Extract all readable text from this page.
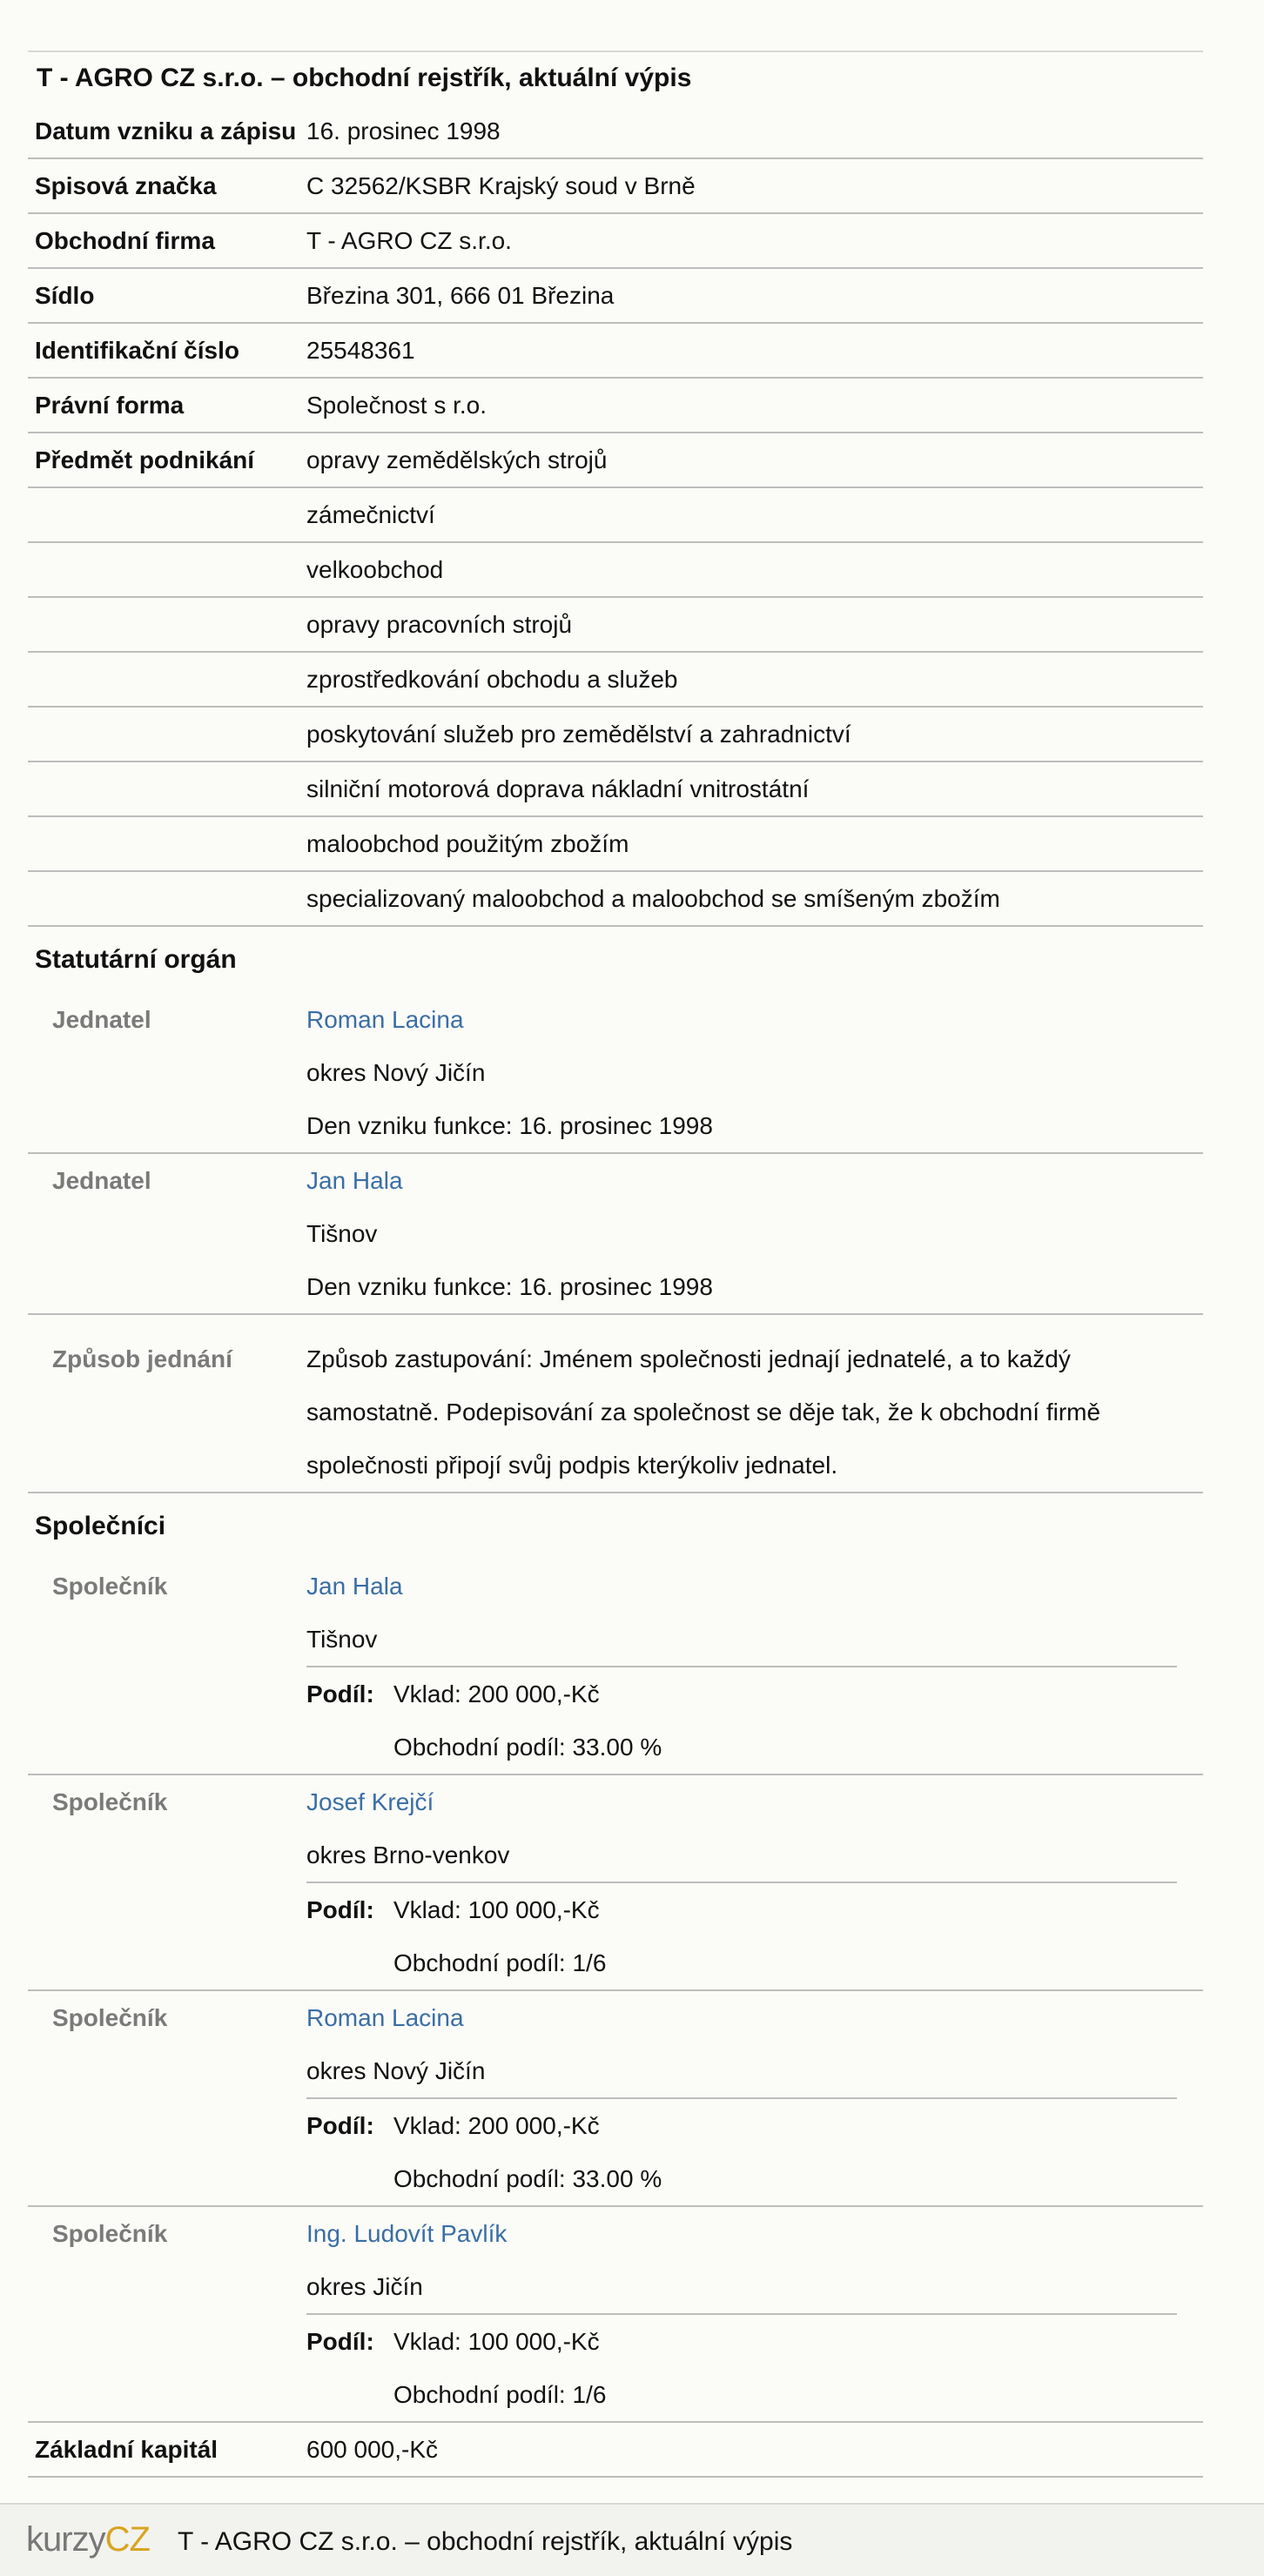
T - AGRO CZ s.r.o. – obchodní rejstřík, aktuální výpis
Datum vzniku a zápisu 16. prosinec 1998
Spisová značka	C 32562/KSBR Krajský soud v Brně
Obchodní firma	T - AGRO CZ s.r.o.
Sídlo	Březina 301, 666 01 Březina
Identifikační číslo	25548361
Právní forma	Společnost s r.o.
Předmět podnikání	opravy zemědělských strojů
zámečnictví
velkoobchod
opravy pracovních strojů
zprostředkování obchodu a služeb
poskytování služeb pro zemědělství a zahradnictví
silniční motorová doprava nákladní vnitrostátní
maloobchod použitým zbožím
specializovaný maloobchod a maloobchod se smíšeným zbožím
Statutární orgán
Jednatel	Roman Lacina
okres Nový Jičín
Den vzniku funkce: 16. prosinec 1998
Jednatel	Jan Hala
Tišnov
Den vzniku funkce: 16. prosinec 1998
Způsob jednání	Způsob zastupování: Jménem společnosti jednají jednatelé, a to každý
samostatně. Podepisování za společnost se děje tak, že k obchodní firmě
společnosti připojí svůj podpis kterýkoliv jednatel.
Společníci
Společník	Jan Hala
Tišnov
Podíl: Vklad: 200 000,-Kč
Obchodní podíl: 33.00 %
Společník	Josef Krejčí
okres Brno-venkov
Podíl: Vklad: 100 000,-Kč
Obchodní podíl: 1/6
Společník	Roman Lacina
okres Nový Jičín
Podíl: Vklad: 200 000,-Kč
Obchodní podíl: 33.00 %
Společník	Ing. Ludovít Pavlík
okres Jičín
Podíl: Vklad: 100 000,-Kč
Obchodní podíl: 1/6
Základní kapitál	600 000,-Kč
kurzyCZ T - AGRO CZ s.r.o. – obchodní rejstřík, aktuální výpis
